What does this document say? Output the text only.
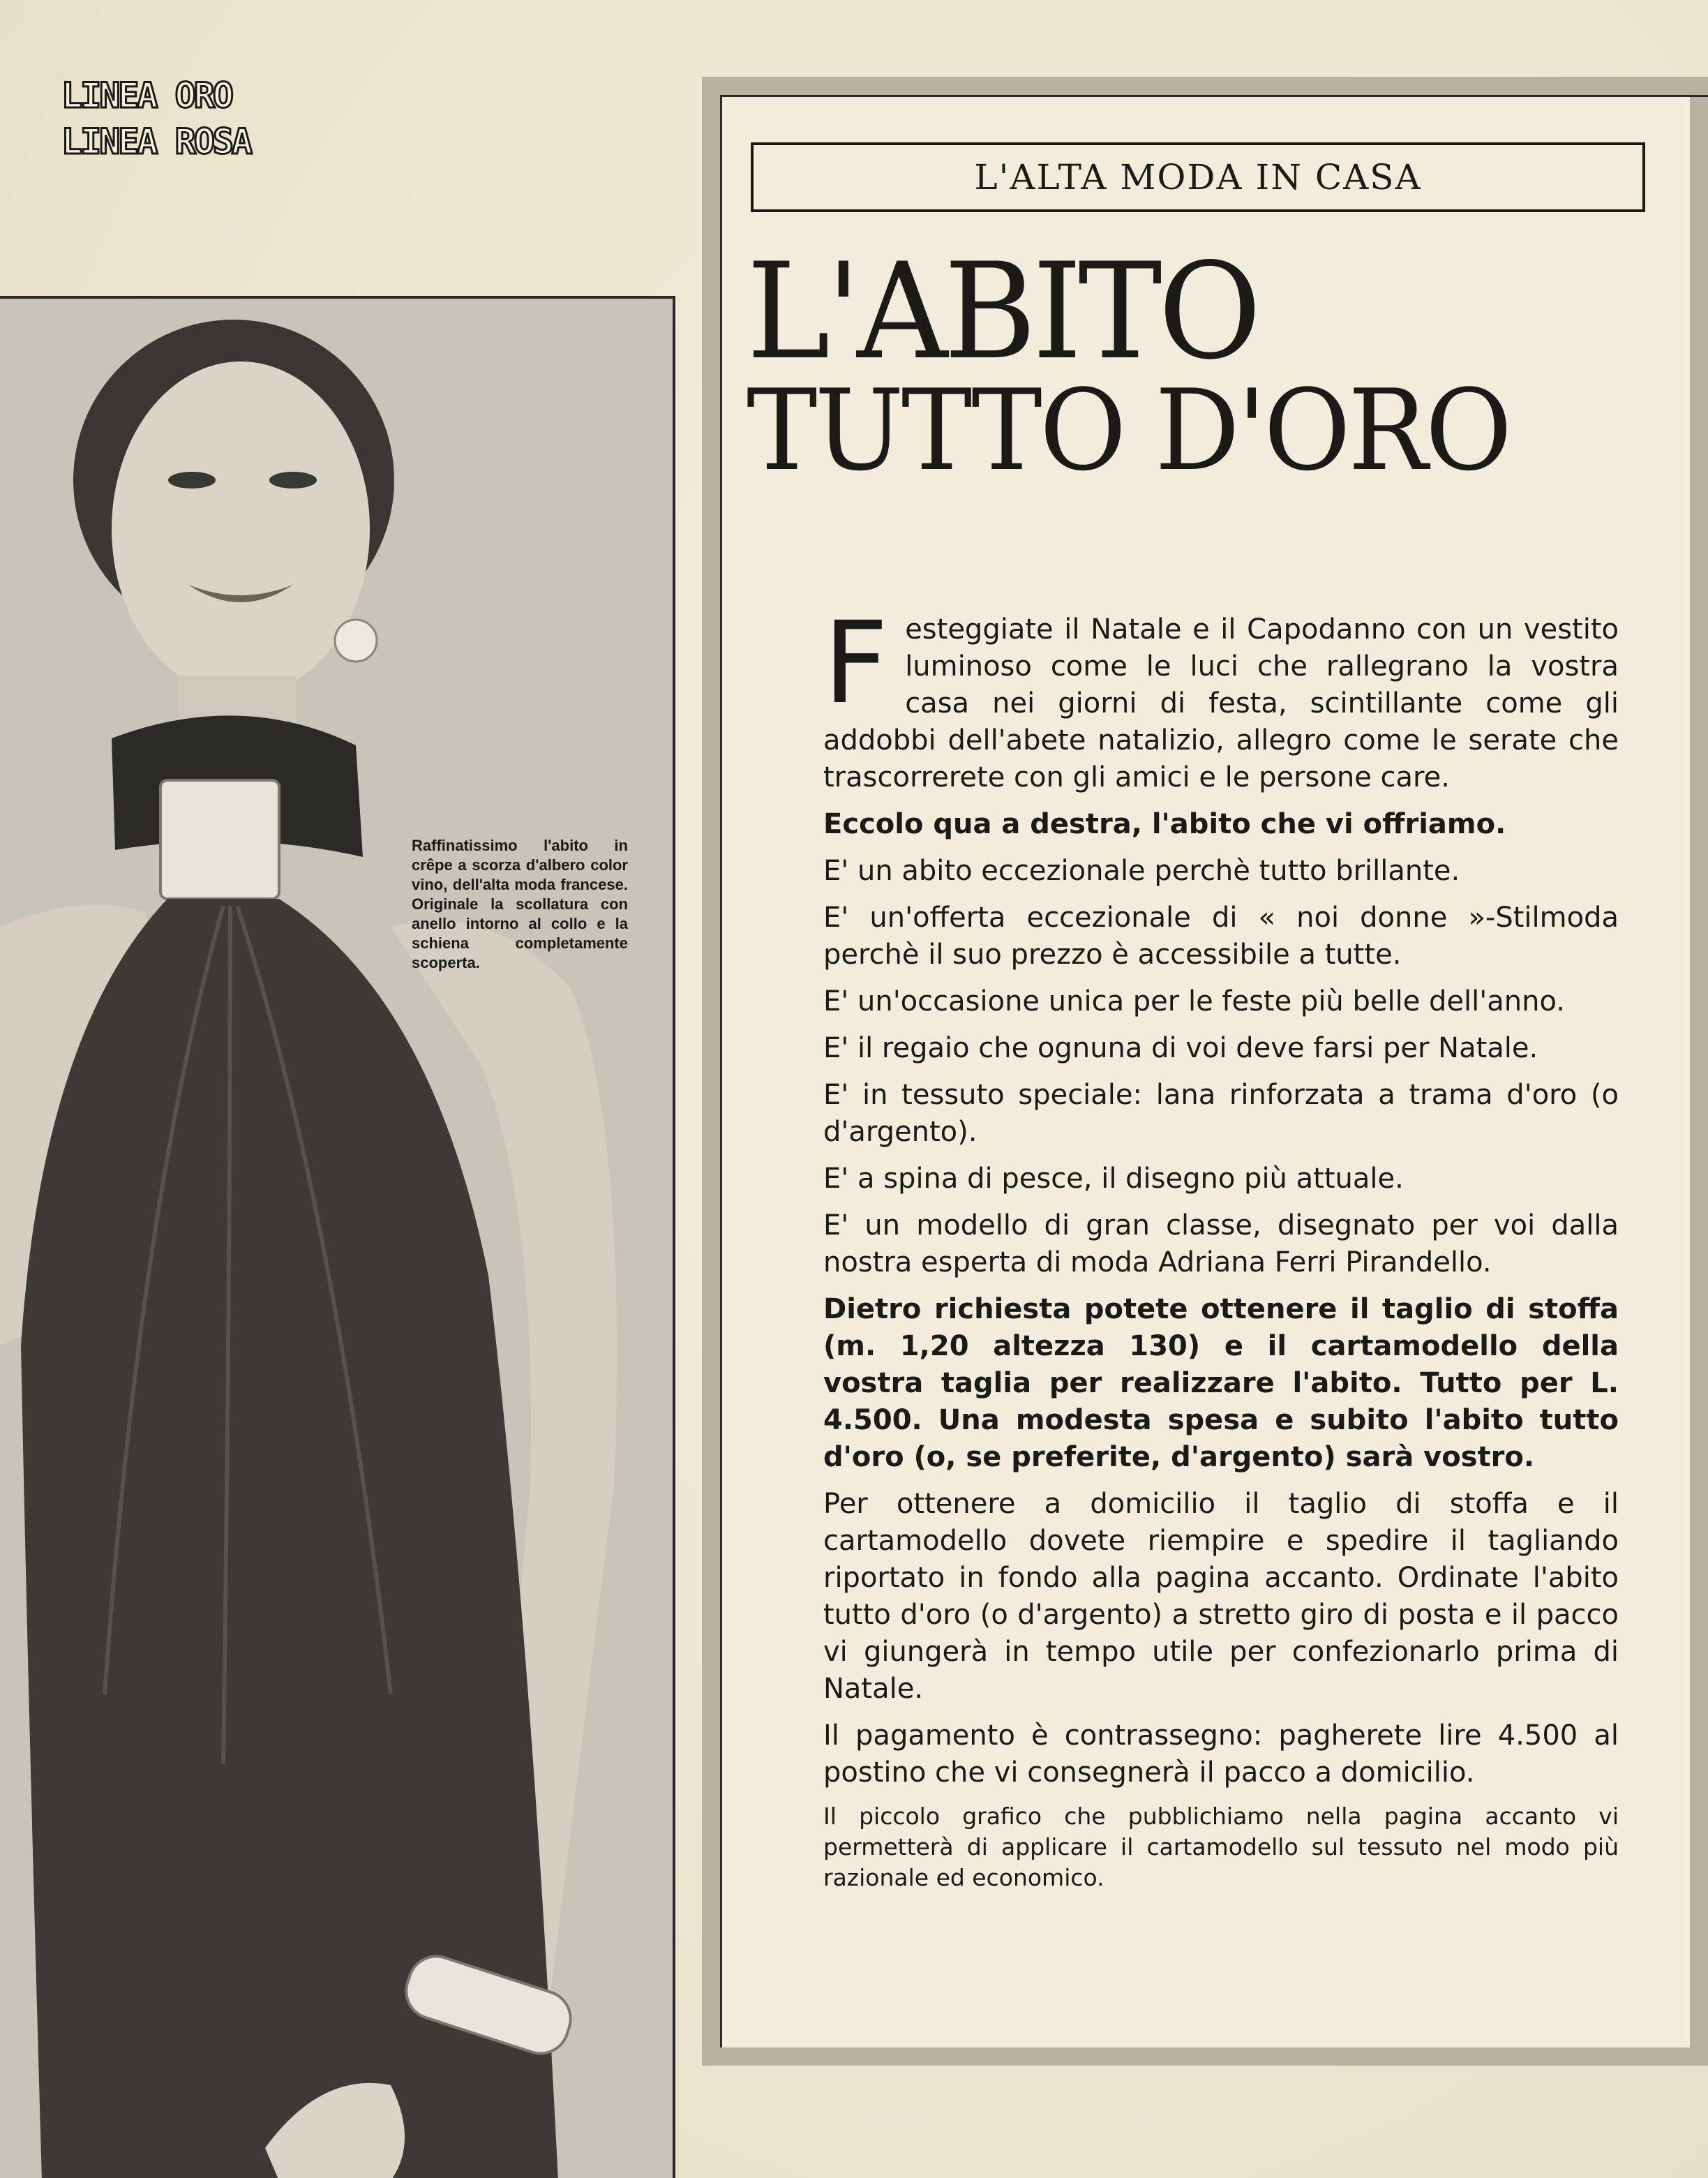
LINEA ORO
LINEA ROSA
Raffinatissimo l'abito in crêpe a scorza d'albero color vino, dell'alta moda francese. Originale la scollatura con anello intorno al collo e la schiena completamente scoperta.
L'ALTA MODA IN CASA
L'ABITO
TUTTO D'ORO

F esteggiate il Natale e il Capodanno con un vestito luminoso come le luci che rallegrano la vostra casa nei giorni di festa, scintillante come gli addobbi dell'abete natalizio, allegro come le serate che trascorrerete con gli amici e le persone care.

Eccolo qua a destra, l'abito che vi offriamo.

E' un abito eccezionale perchè tutto brillante.

E' un'offerta eccezionale di « noi donne »-Stilmoda perchè il suo prezzo è accessibile a tutte.

E' un'occasione unica per le feste più belle dell'anno.

E' il regaio che ognuna di voi deve farsi per Natale.

E' in tessuto speciale: lana rinforzata a trama d'oro (o d'argento).

E' a spina di pesce, il disegno più attuale.

E' un modello di gran classe, disegnato per voi dalla nostra esperta di moda Adriana Ferri Pirandello.

Dietro richiesta potete ottenere il taglio di stoffa (m. 1,20 altezza 130) e il cartamodello della vostra taglia per realizzare l'abito. Tutto per L. 4.500. Una modesta spesa e subito l'abito tutto d'oro (o, se preferite, d'argento) sarà vostro.

Per ottenere a domicilio il taglio di stoffa e il cartamodello dovete riempire e spedire il tagliando riportato in fondo alla pagina accanto. Ordinate l'abito tutto d'oro (o d'argento) a stretto giro di posta e il pacco vi giungerà in tempo utile per confezionarlo prima di Natale.

Il pagamento è contrassegno: pagherete lire 4.500 al postino che vi consegnerà il pacco a domicilio.

Il piccolo grafico che pubblichiamo nella pagina accanto vi permetterà di applicare il cartamodello sul tessuto nel modo più razionale ed economico.
